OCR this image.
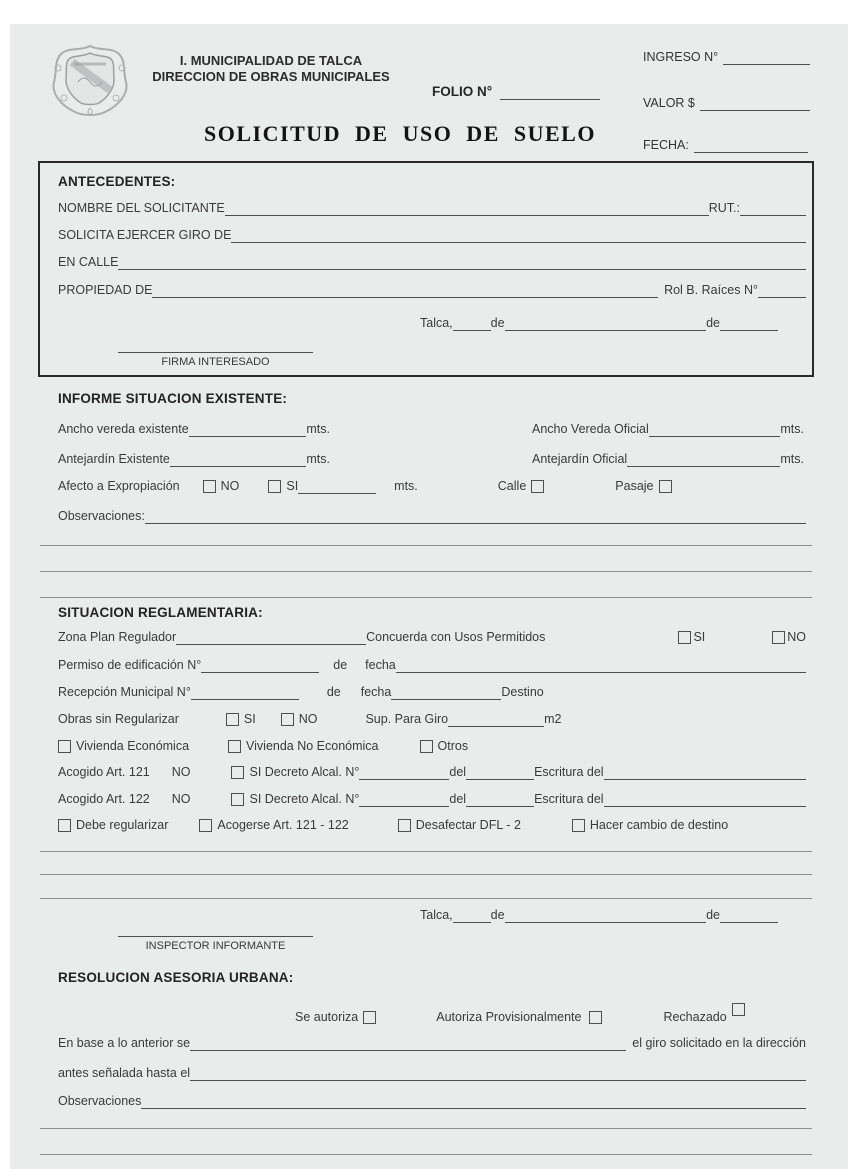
I. MUNICIPALIDAD DE TALCA
DIRECCION DE OBRAS MUNICIPALES
FOLIO N°
INGRESO N°
VALOR $
FECHA:
SOLICITUD DE USO DE SUELO
ANTECEDENTES:
NOMBRE DEL SOLICITANTE	RUT.:
SOLICITA EJERCER GIRO DE
EN CALLE
PROPIEDAD DE	Rol B. Raíces N°
Talca,	de	de
FIRMA INTERESADO
INFORME SITUACION EXISTENTE:
Ancho vereda existente	mts.	Ancho Vereda Oficial	mts.
Antejardín Existente	mts.	Antejardín Oficial	mts.
Afecto a Expropiación	NO	SI	mts.	Calle	Pasaje
Observaciones:
SITUACION REGLAMENTARIA:
Zona Plan Regulador	Concuerda con Usos Permitidos	SI	NO
Permiso de edificación N°	de fecha
Recepción Municipal N°	de fecha	Destino
Obras sin Regularizar	SI	NO	Sup. Para Giro	m2
Vivienda Económica	Vivienda No Económica	Otros
Acogido Art. 121 NO	SI Decreto Alcal. N°	del	Escritura del
Acogido Art. 122 NO	SI Decreto Alcal. N°	del	Escritura del
Debe regularizar	Acogerse Art. 121 - 122	Desafectar DFL - 2	Hacer cambio de destino
Talca,	de	de
INSPECTOR INFORMANTE
RESOLUCION ASESORIA URBANA:
Se autoriza	Autoriza Provisionalmente	Rechazado
En base a lo anterior se	el giro solicitado en la dirección
antes señalada hasta el
Observaciones
